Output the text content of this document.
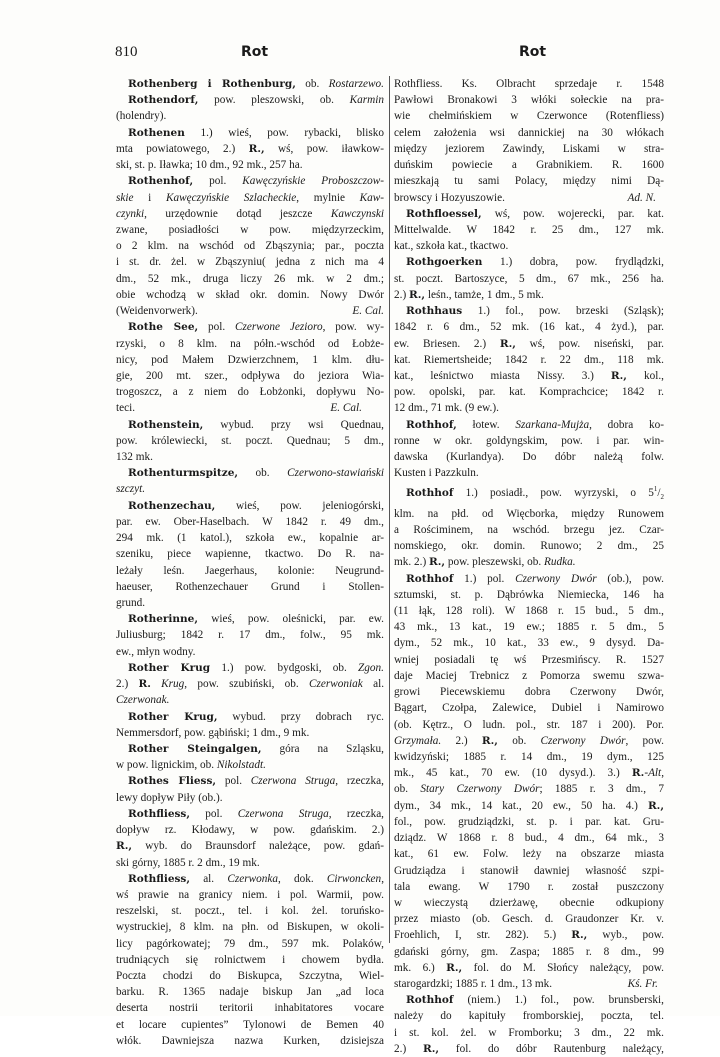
810	Rot	Rot
Rothenberg i Rothenburg, ob. Rostarzewo.
Rothendorf, pow. pleszowski, ob. Karmin
(holendry).
Rothenen 1.) wieś, pow. rybacki, blisko
mta powiatowego, 2.) R., wś, pow. iławkow-
ski, st. p. Iławka; 10 dm., 92 mk., 257 ha.
Rothenhof, pol. Kawęczyńskie Proboszczow-
skie i Kawęczyńskie Szlacheckie, mylnie Kaw-
czynki, urzędownie dotąd jeszcze Kawczynski
zwane, posiadłości w pow. międzyrzeckim,
o 2 klm. na wschód od Zbąszynia; par., poczta
i st. dr. żel. w Zbąszyniu( jedna z nich ma 4
dm., 52 mk., druga liczy 26 mk. w 2 dm.;
obie wchodzą w skład okr. domin. Nowy Dwór
(Weidenvorwerk).	E. Cal.
Rothe See, pol. Czerwone Jezioro, pow. wy-
rzyski, o 8 klm. na półn.-wschód od Łobże-
nicy, pod Małem Dzwierzchnem, 1 klm. dłu-
gie, 200 mt. szer., odpływa do jeziora Wia-
trogoszcz, a z niem do Łobżonki, dopływu No-
teci.	E. Cal.
Rothenstein, wybud. przy wsi Quednau,
pow. królewiecki, st. poczt. Quednau; 5 dm.,
132 mk.
Rothenturmspitze, ob. Czerwono-stawiański
szczyt.
Rothenzechau, wieś, pow. jeleniogórski,
par. ew. Ober-Haselbach. W 1842 r. 49 dm.,
294 mk. (1 katol.), szkoła ew., kopalnie ar-
szeniku, piece wapienne, tkactwo. Do R. na-
leżały leśn. Jaegerhaus, kolonie: Neugrund-
haeuser, Rothenzechauer Grund i Stollen-
grund.
Rotherinne, wieś, pow. oleśnicki, par. ew.
Juliusburg; 1842 r. 17 dm., folw., 95 mk.
ew., młyn wodny.
Rother Krug 1.) pow. bydgoski, ob. Zgon.
2.) R. Krug, pow. szubiński, ob. Czerwoniak al.
Czerwonak.
Rother Krug, wybud. przy dobrach ryc.
Nemmersdorf, pow. gąbiński; 1 dm., 9 mk.
Rother Steingalgen, góra na Szląsku,
w pow. lignickim, ob. Nikolstadt.
Rothes Fliess, pol. Czerwona Struga, rzeczka,
lewy dopływ Piły (ob.).
Rothfliess, pol. Czerwona Struga, rzeczka,
dopływ rz. Kłodawy, w pow. gdańskim. 2.)
R., wyb. do Braunsdorf należące, pow. gdań-
ski górny, 1885 r. 2 dm., 19 mk.
Rothfliess, al. Czerwonka, dok. Cirwoncken,
wś prawie na granicy niem. i pol. Warmii, pow.
reszelski, st. poczt., tel. i kol. żel. toruńsko-
wystruckiej, 8 klm. na płn. od Biskupen, w okoli-
licy pagórkowatej; 79 dm., 597 mk. Polaków,
trudniących się rolnictwem i chowem bydła.
Poczta chodzi do Biskupca, Szczytna, Wiel-
barku. R. 1365 nadaje biskup Jan „ad loca
deserta nostrii teritorii inhabitatores vocare
et locare cupientes” Tylonowi de Bemen 40
włók. Dawniejsza nazwa Kurken, dzisiejsza
Rothfliess. Ks. Olbracht sprzedaje r. 1548
Pawłowi Bronakowi 3 włóki sołeckie na pra-
wie chełmińskiem w Czerwonce (Rotenfliess)
celem założenia wsi dannickiej na 30 włókach
między jeziorem Zawindy, Liskami w stra-
duńskim powiecie a Grabnikiem. R. 1600
mieszkają tu sami Polacy, między nimi Dą-
browscy i Hozyuszowie.	Ad. N.
Rothfloessel, wś, pow. wojerecki, par. kat.
Mittelwalde. W 1842 r. 25 dm., 127 mk.
kat., szkoła kat., tkactwo.
Rothgoerken 1.) dobra, pow. frydlądzki,
st. poczt. Bartoszyce, 5 dm., 67 mk., 256 ha.
2.) R., leśn., tamże, 1 dm., 5 mk.
Rothhaus 1.) fol., pow. brzeski (Szląsk);
1842 r. 6 dm., 52 mk. (16 kat., 4 żyd.), par.
ew. Briesen. 2.) R., wś, pow. niseński, par.
kat. Riemertsheide; 1842 r. 22 dm., 118 mk.
kat., leśnictwo miasta Nissy. 3.) R., kol.,
pow. opolski, par. kat. Komprachcice; 1842 r.
12 dm., 71 mk. (9 ew.).
Rothhof, łotew. Szarkana-Mujża, dobra ko-
ronne w okr. goldyngskim, pow. i par. win-
dawska (Kurlandya). Do dóbr należą folw.
Kusten i Pazzkuln.
Rothhof 1.) posiadł., pow. wyrzyski, o $5^1/_2$
klm. na płd. od Więcborka, między Runowem
a Rościminem, na wschód. brzegu jez. Czar-
nomskiego, okr. domin. Runowo; 2 dm., 25
mk. 2.) R., pow. pleszewski, ob. Rudka.
Rothhof 1.) pol. Czerwony Dwór (ob.), pow.
sztumski, st. p. Dąbrówka Niemiecka, 146 ha
(11 łąk, 128 roli). W 1868 r. 15 bud., 5 dm.,
43 mk., 13 kat., 19 ew.; 1885 r. 5 dm., 5
dym., 52 mk., 10 kat., 33 ew., 9 dysyd. Da-
wniej posiadali tę wś Przesmińscy. R. 1527
daje Maciej Trebnicz z Pomorza swemu szwa-
growi Piecewskiemu dobra Czerwony Dwór,
Bągart, Czołpa, Zalewice, Dubiel i Namirowo
(ob. Kętrz., O ludn. pol., str. 187 i 200). Por.
Grzymała. 2.) R., ob. Czerwony Dwór, pow.
kwidzyński; 1885 r. 14 dm., 19 dym., 125
mk., 45 kat., 70 ew. (10 dysyd.). 3.) R.-Alt,
ob. Stary Czerwony Dwór; 1885 r. 3 dm., 7
dym., 34 mk., 14 kat., 20 ew., 50 ha. 4.) R.,
fol., pow. grudziądzki, st. p. i par. kat. Gru-
dziądz. W 1868 r. 8 bud., 4 dm., 64 mk., 3
kat., 61 ew. Folw. leży na obszarze miasta
Grudziądza i stanowił dawniej własność szpi-
tala ewang. W 1790 r. został puszczony
w wieczystą dzierżawę, obecnie odkupiony
przez miasto (ob. Gesch. d. Graudonzer Kr. v.
Froehlich, I, str. 282). 5.) R., wyb., pow.
gdański górny, gm. Zaspa; 1885 r. 8 dm., 99
mk. 6.) R., fol. do M. Słońcy należący, pow.
starogardzki; 1885 r. 1 dm., 13 mk.	Kś. Fr.
Rothhof (niem.) 1.) fol., pow. brunsberski,
należy do kapituły fromborskiej, poczta, tel.
i st. kol. żel. w Fromborku; 3 dm., 22 mk.
2.) R., fol. do dóbr Rautenburg należący,
